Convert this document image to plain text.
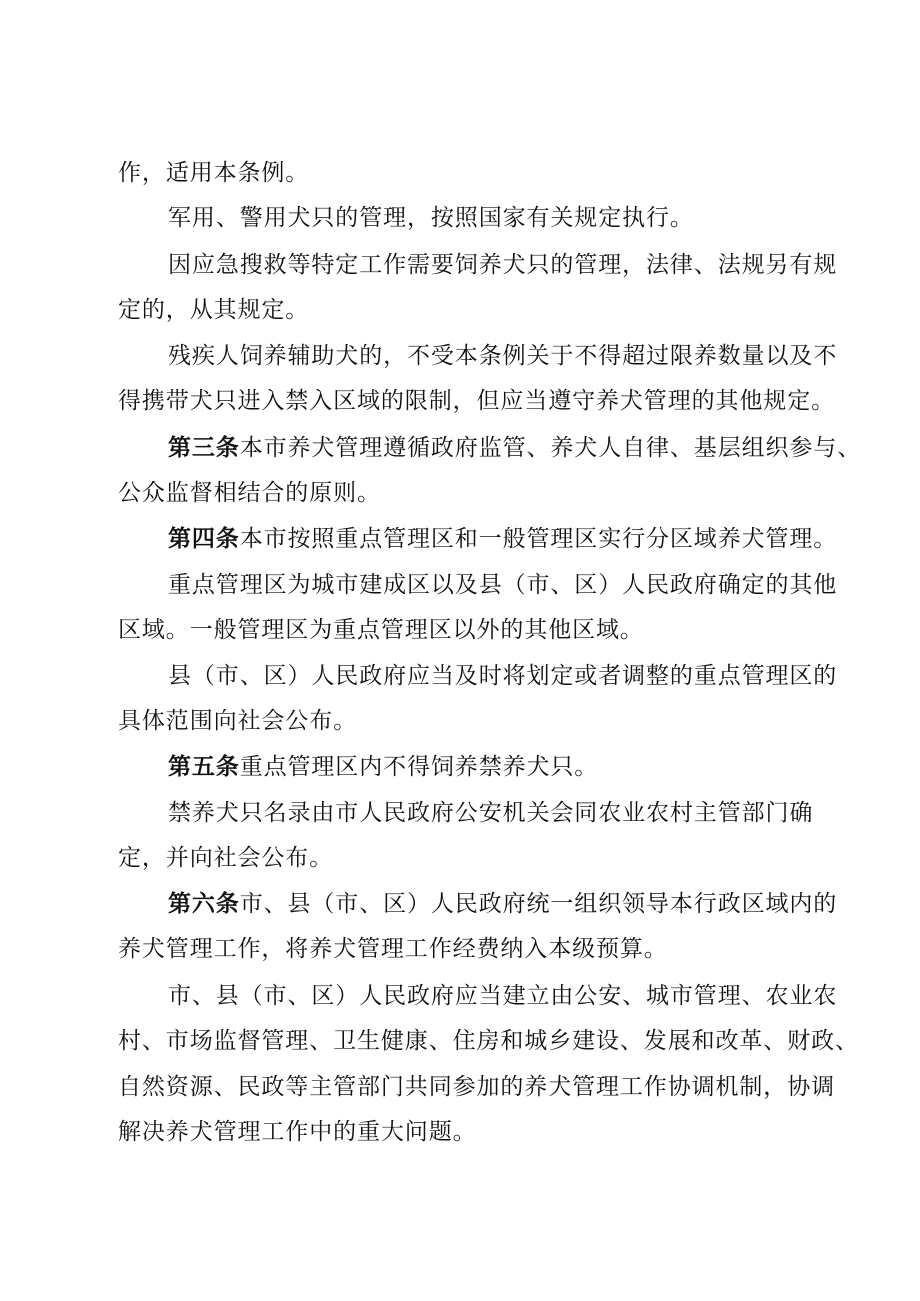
作，适用本条例。
军用、警用犬只的管理，按照国家有关规定执行。
因应急搜救等特定工作需要饲养犬只的管理，法律、法规另有规
定的，从其规定。
残疾人饲养辅助犬的，不受本条例关于不得超过限养数量以及不
得携带犬只进入禁入区域的限制，但应当遵守养犬管理的其他规定。
第三条本市养犬管理遵循政府监管、养犬人自律、基层组织参与、
公众监督相结合的原则。
第四条本市按照重点管理区和一般管理区实行分区域养犬管理。
重点管理区为城市建成区以及县（市、区）人民政府确定的其他
区域。一般管理区为重点管理区以外的其他区域。
县（市、区）人民政府应当及时将划定或者调整的重点管理区的
具体范围向社会公布。
第五条重点管理区内不得饲养禁养犬只。
禁养犬只名录由市人民政府公安机关会同农业农村主管部门确
定，并向社会公布。
第六条市、县（市、区）人民政府统一组织领导本行政区域内的
养犬管理工作，将养犬管理工作经费纳入本级预算。
市、县（市、区）人民政府应当建立由公安、城市管理、农业农
村、市场监督管理、卫生健康、住房和城乡建设、发展和改革、财政、
自然资源、民政等主管部门共同参加的养犬管理工作协调机制，协调
解决养犬管理工作中的重大问题。
